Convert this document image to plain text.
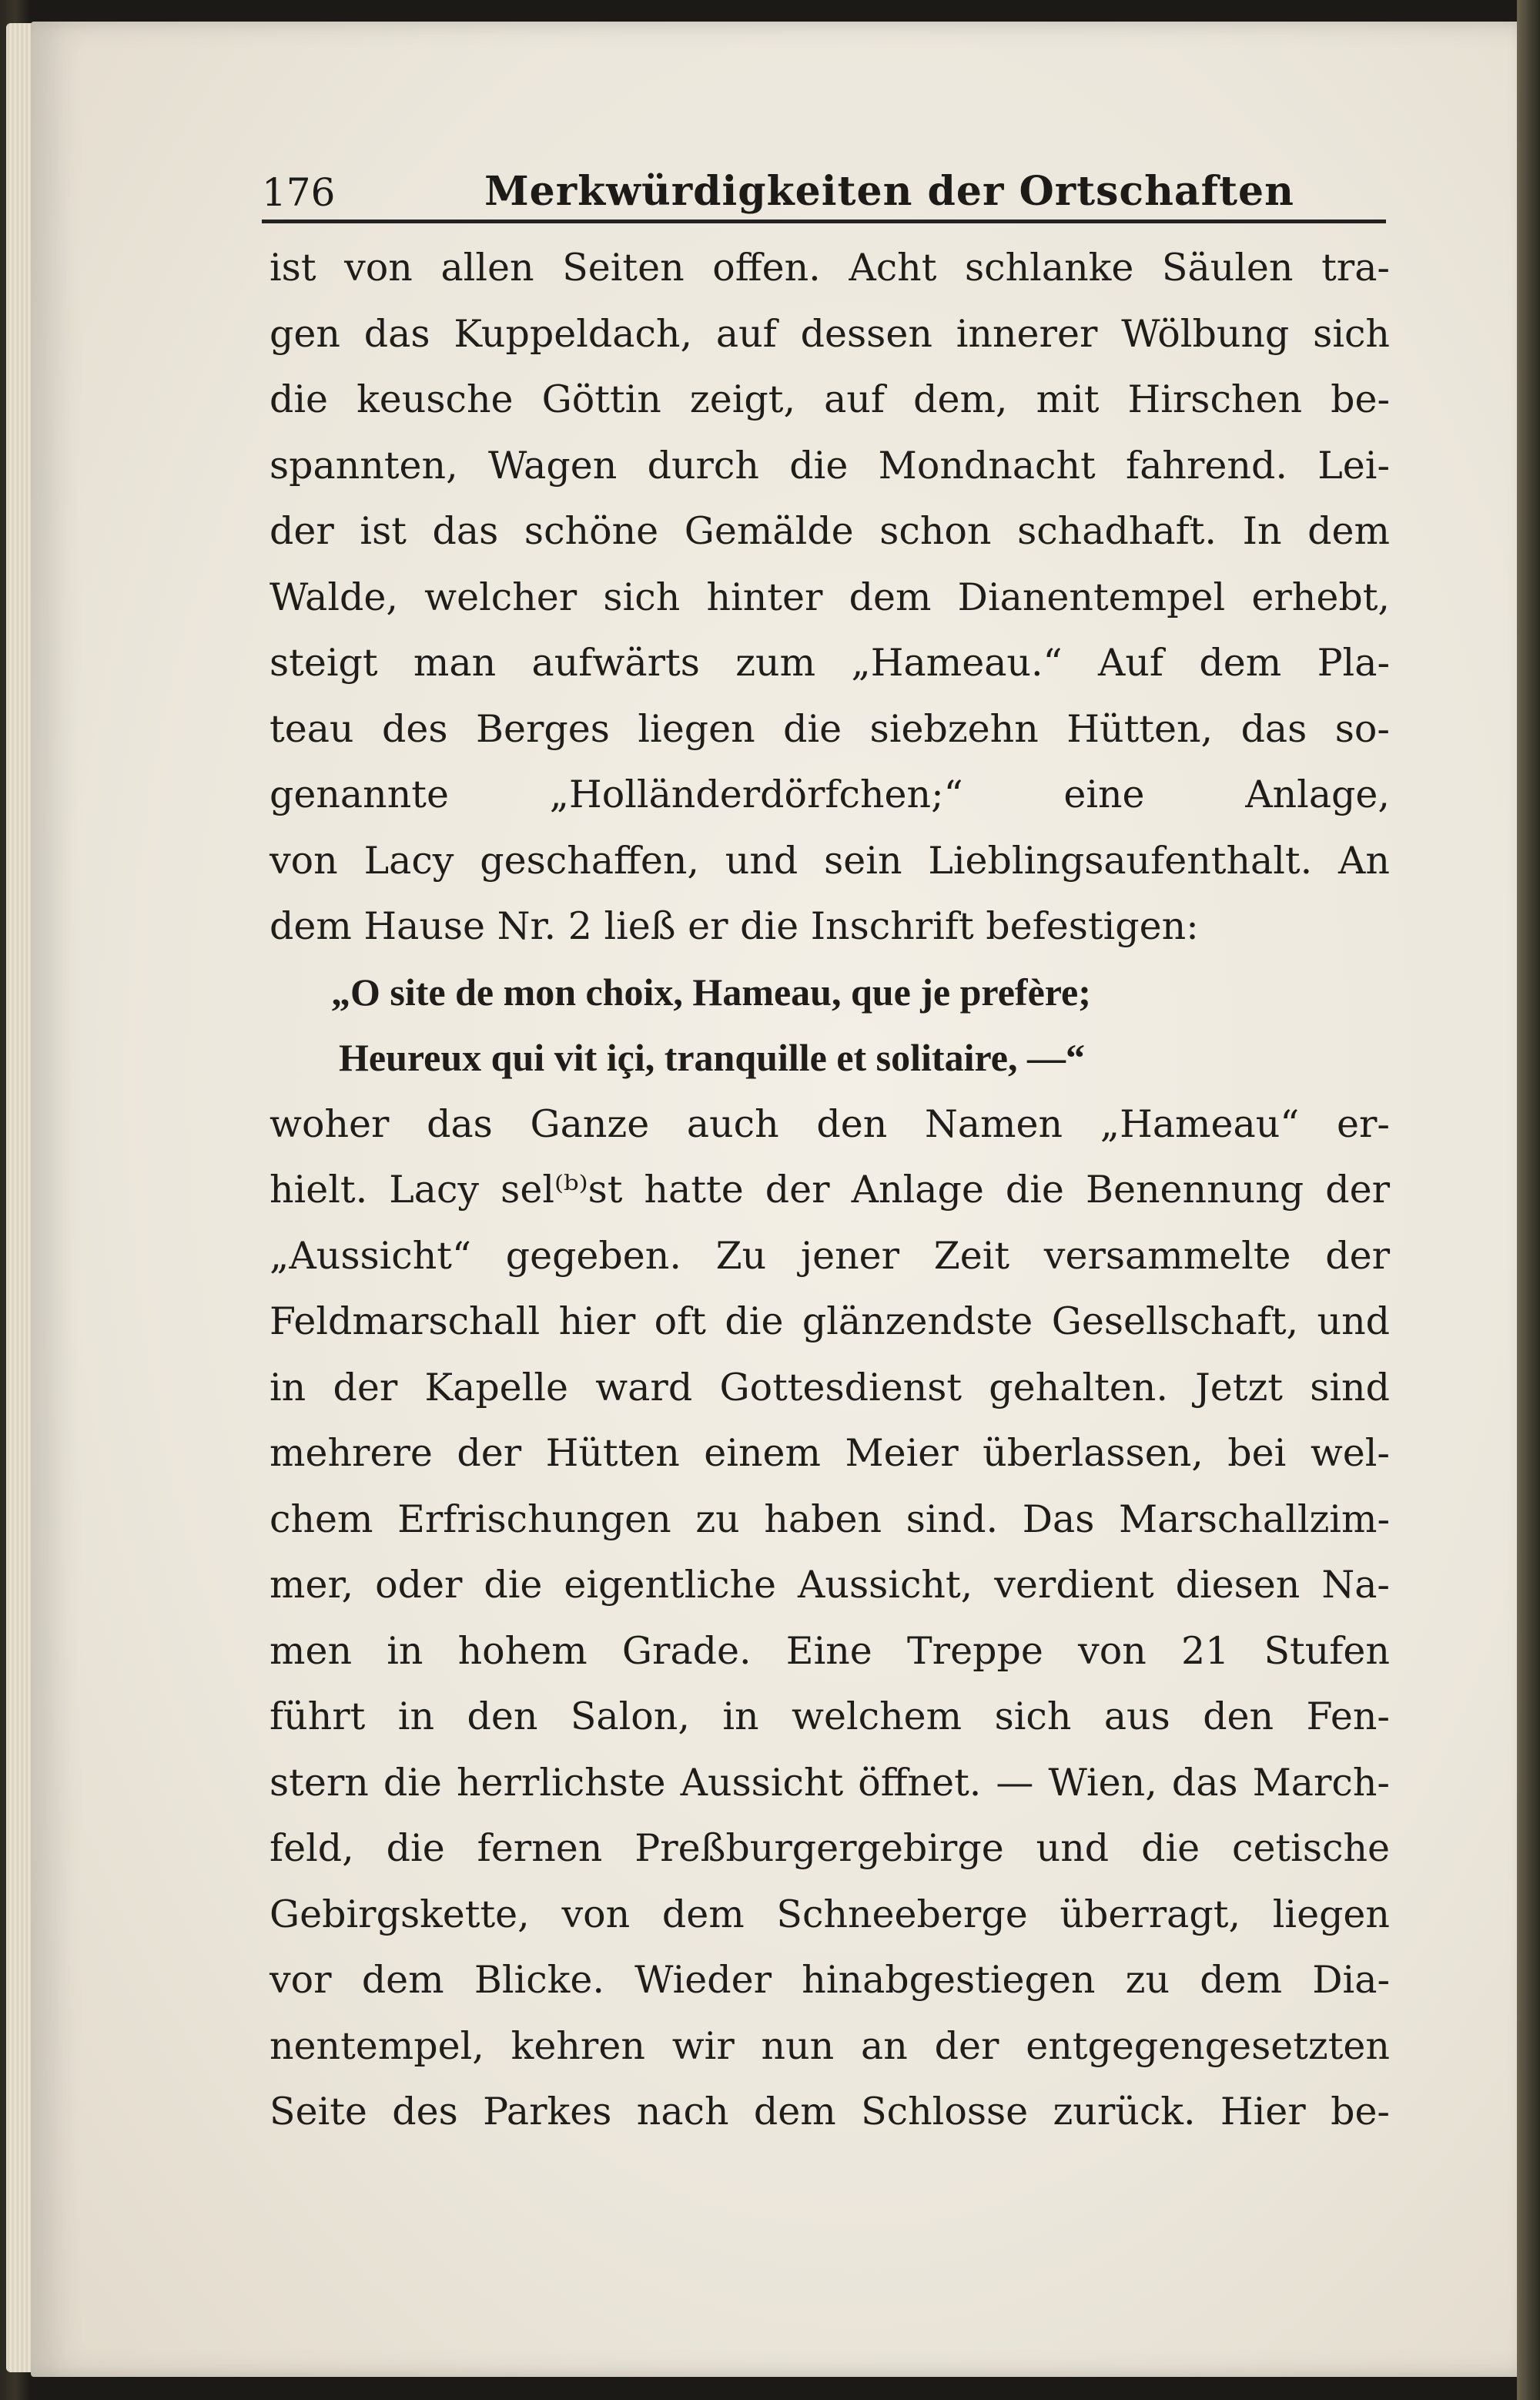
176	Merkwürdigkeiten der Ortschaften
ist von allen Seiten offen. Acht schlanke Säulen tra-
gen das Kuppeldach, auf dessen innerer Wölbung sich
die keusche Göttin zeigt, auf dem, mit Hirschen be-
spannten, Wagen durch die Mondnacht fahrend. Lei-
der ist das schöne Gemälde schon schadhaft. In dem
Walde, welcher sich hinter dem Dianentempel erhebt,
steigt man aufwärts zum „Hameau.“ Auf dem Pla-
teau des Berges liegen die siebzehn Hütten, das so-
genannte „Holländerdörfchen;“ eine Anlage,
von Lacy geschaffen, und sein Lieblingsaufenthalt. An
dem Hause Nr. 2 ließ er die Inschrift befestigen:
„O site de mon choix, Hameau, que je prefère;
Heureux qui vit içi, tranquille et solitaire, —“
woher das Ganze auch den Namen „Hameau“ er-
hielt. Lacy sel⁽ᵇ⁾st hatte der Anlage die Benennung der
„Aussicht“ gegeben. Zu jener Zeit versammelte der
Feldmarschall hier oft die glänzendste Gesellschaft, und
in der Kapelle ward Gottesdienst gehalten. Jetzt sind
mehrere der Hütten einem Meier überlassen, bei wel-
chem Erfrischungen zu haben sind. Das Marschallzim-
mer, oder die eigentliche Aussicht, verdient diesen Na-
men in hohem Grade. Eine Treppe von 21 Stufen
führt in den Salon, in welchem sich aus den Fen-
stern die herrlichste Aussicht öffnet. — Wien, das March-
feld, die fernen Preßburgergebirge und die cetische
Gebirgskette, von dem Schneeberge überragt, liegen
vor dem Blicke. Wieder hinabgestiegen zu dem Dia-
nentempel, kehren wir nun an der entgegengesetzten
Seite des Parkes nach dem Schlosse zurück. Hier be-
